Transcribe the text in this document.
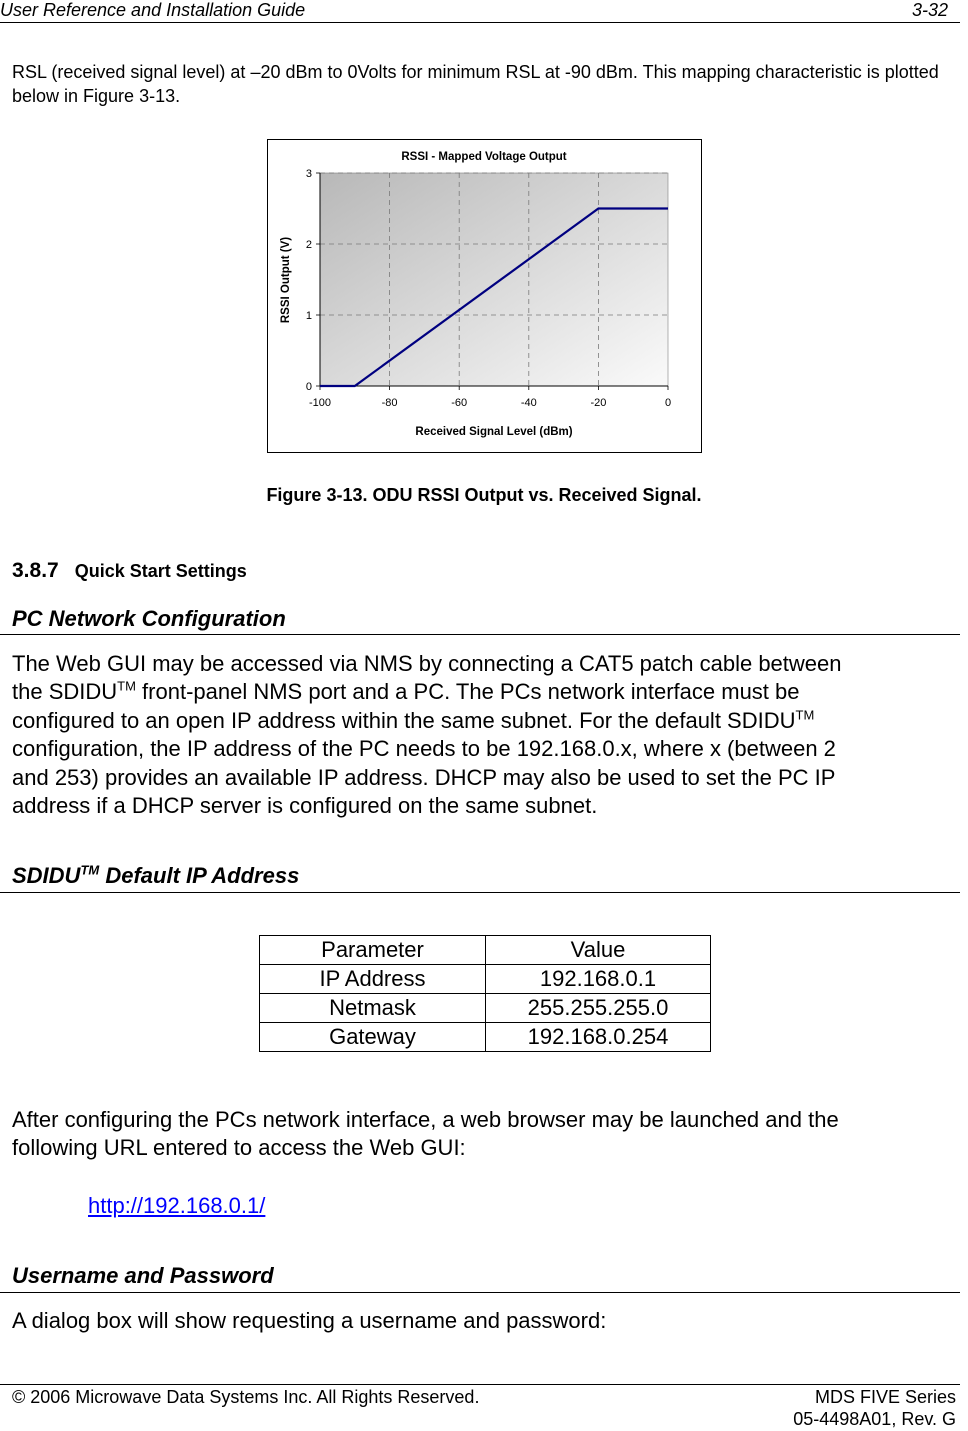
User Reference and Installation Guide	3-32
RSL (received signal level) at –20 dBm to 0Volts for minimum RSL at -90 dBm. This mapping characteristic is plotted below in Figure 3-13.
RSSI - Mapped Voltage Output
0
1
2
3
-100	-80	-60	-40	-20	0
Received Signal Level (dBm)
RSSI Output (V)
Figure 3-13. ODU RSSI Output vs. Received Signal.
3.8.7 Quick Start Settings
PC Network Configuration
The Web GUI may be accessed via NMS by connecting a CAT5 patch cable between
the SDIDU™ front-panel NMS port and a PC. The PCs network interface must be
configured to an open IP address within the same subnet. For the default SDIDU™
configuration, the IP address of the PC needs to be 192.168.0.x, where x (between 2
and 253) provides an available IP address. DHCP may also be used to set the PC IP
address if a DHCP server is configured on the same subnet.
SDIDU™ Default IP Address
Parameter	Value
IP Address	192.168.0.1
Netmask	255.255.255.0
Gateway	192.168.0.254
After configuring the PCs network interface, a web browser may be launched and the
following URL entered to access the Web GUI:
http://192.168.0.1/
Username and Password
A dialog box will show requesting a username and password:
© 2006 Microwave Data Systems Inc. All Rights Reserved.	MDS FIVE Series
05-4498A01, Rev. G
